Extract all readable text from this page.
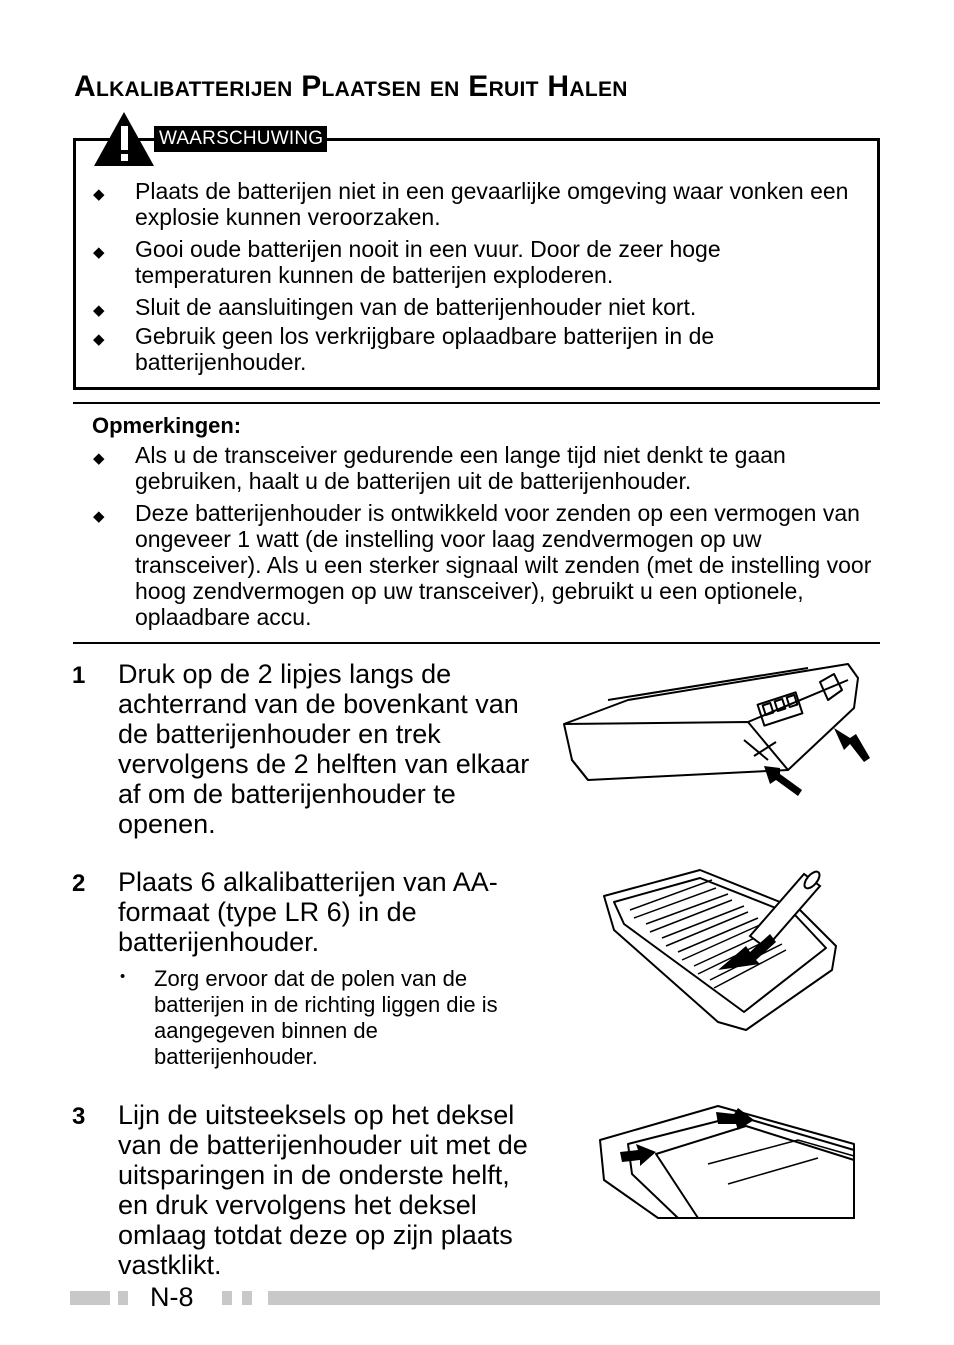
Alkalibatterijen Plaatsen en Eruit Halen
WAARSCHUWING
◆ Plaats de batterijen niet in een gevaarlijke omgeving waar vonken een explosie kunnen veroorzaken.
◆ Gooi oude batterijen nooit in een vuur. Door de zeer hoge temperaturen kunnen de batterijen exploderen.
◆ Sluit de aansluitingen van de batterijenhouder niet kort.
◆ Gebruik geen los verkrijgbare oplaadbare batterijen in de batterijenhouder.
Opmerkingen:
◆ Als u de transceiver gedurende een lange tijd niet denkt te gaan gebruiken, haalt u de batterijen uit de batterijenhouder.
◆ Deze batterijenhouder is ontwikkeld voor zenden op een vermogen van ongeveer 1 watt (de instelling voor laag zendvermogen op uw transceiver). Als u een sterker signaal wilt zenden (met de instelling voor hoog zendvermogen op uw transceiver), gebruikt u een optionele, oplaadbare accu.
1 Druk op de 2 lipjes langs de achterrand van de bovenkant van de batterijenhouder en trek vervolgens de 2 helften van elkaar af om de batterijenhouder te openen.
2 Plaats 6 alkalibatterijen van AA-formaat (type LR 6) in de batterijenhouder.
• Zorg ervoor dat de polen van de batterijen in de richting liggen die is aangegeven binnen de batterijenhouder.
3 Lijn de uitsteeksels op het deksel van de batterijenhouder uit met de uitsparingen in de onderste helft, en druk vervolgens het deksel omlaag totdat deze op zijn plaats vastklikt.
N-8
